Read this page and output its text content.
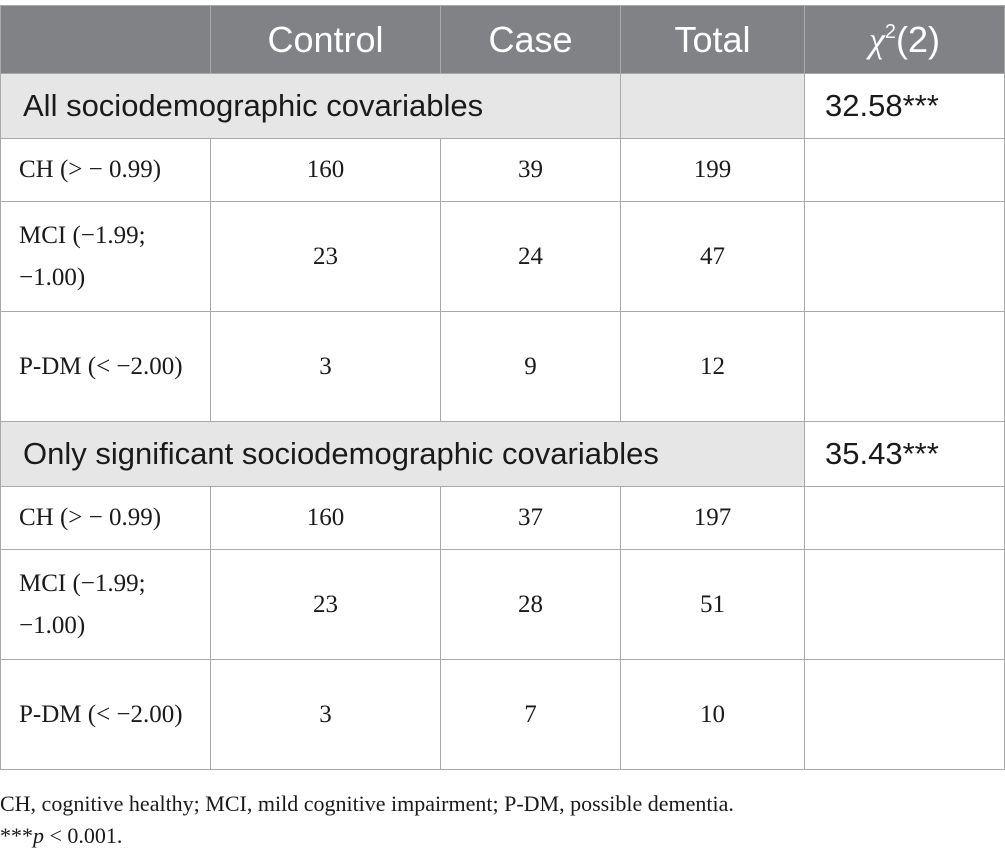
	Control	Case	Total	$\chi^2(2)$
All sociodemographic covariables				32.58***
CH (> − 0.99)	160	39	199	
MCI (−1.99; −1.00)	23	24	47	
P-DM (< −2.00)	3	9	12	
Only significant sociodemographic covariables				35.43***
CH (> − 0.99)	160	37	197	
MCI (−1.99; −1.00)	23	28	51	
P-DM (< −2.00)	3	7	10	
CH, cognitive healthy; MCI, mild cognitive impairment; P-DM, possible dementia.
***p < 0.001.
